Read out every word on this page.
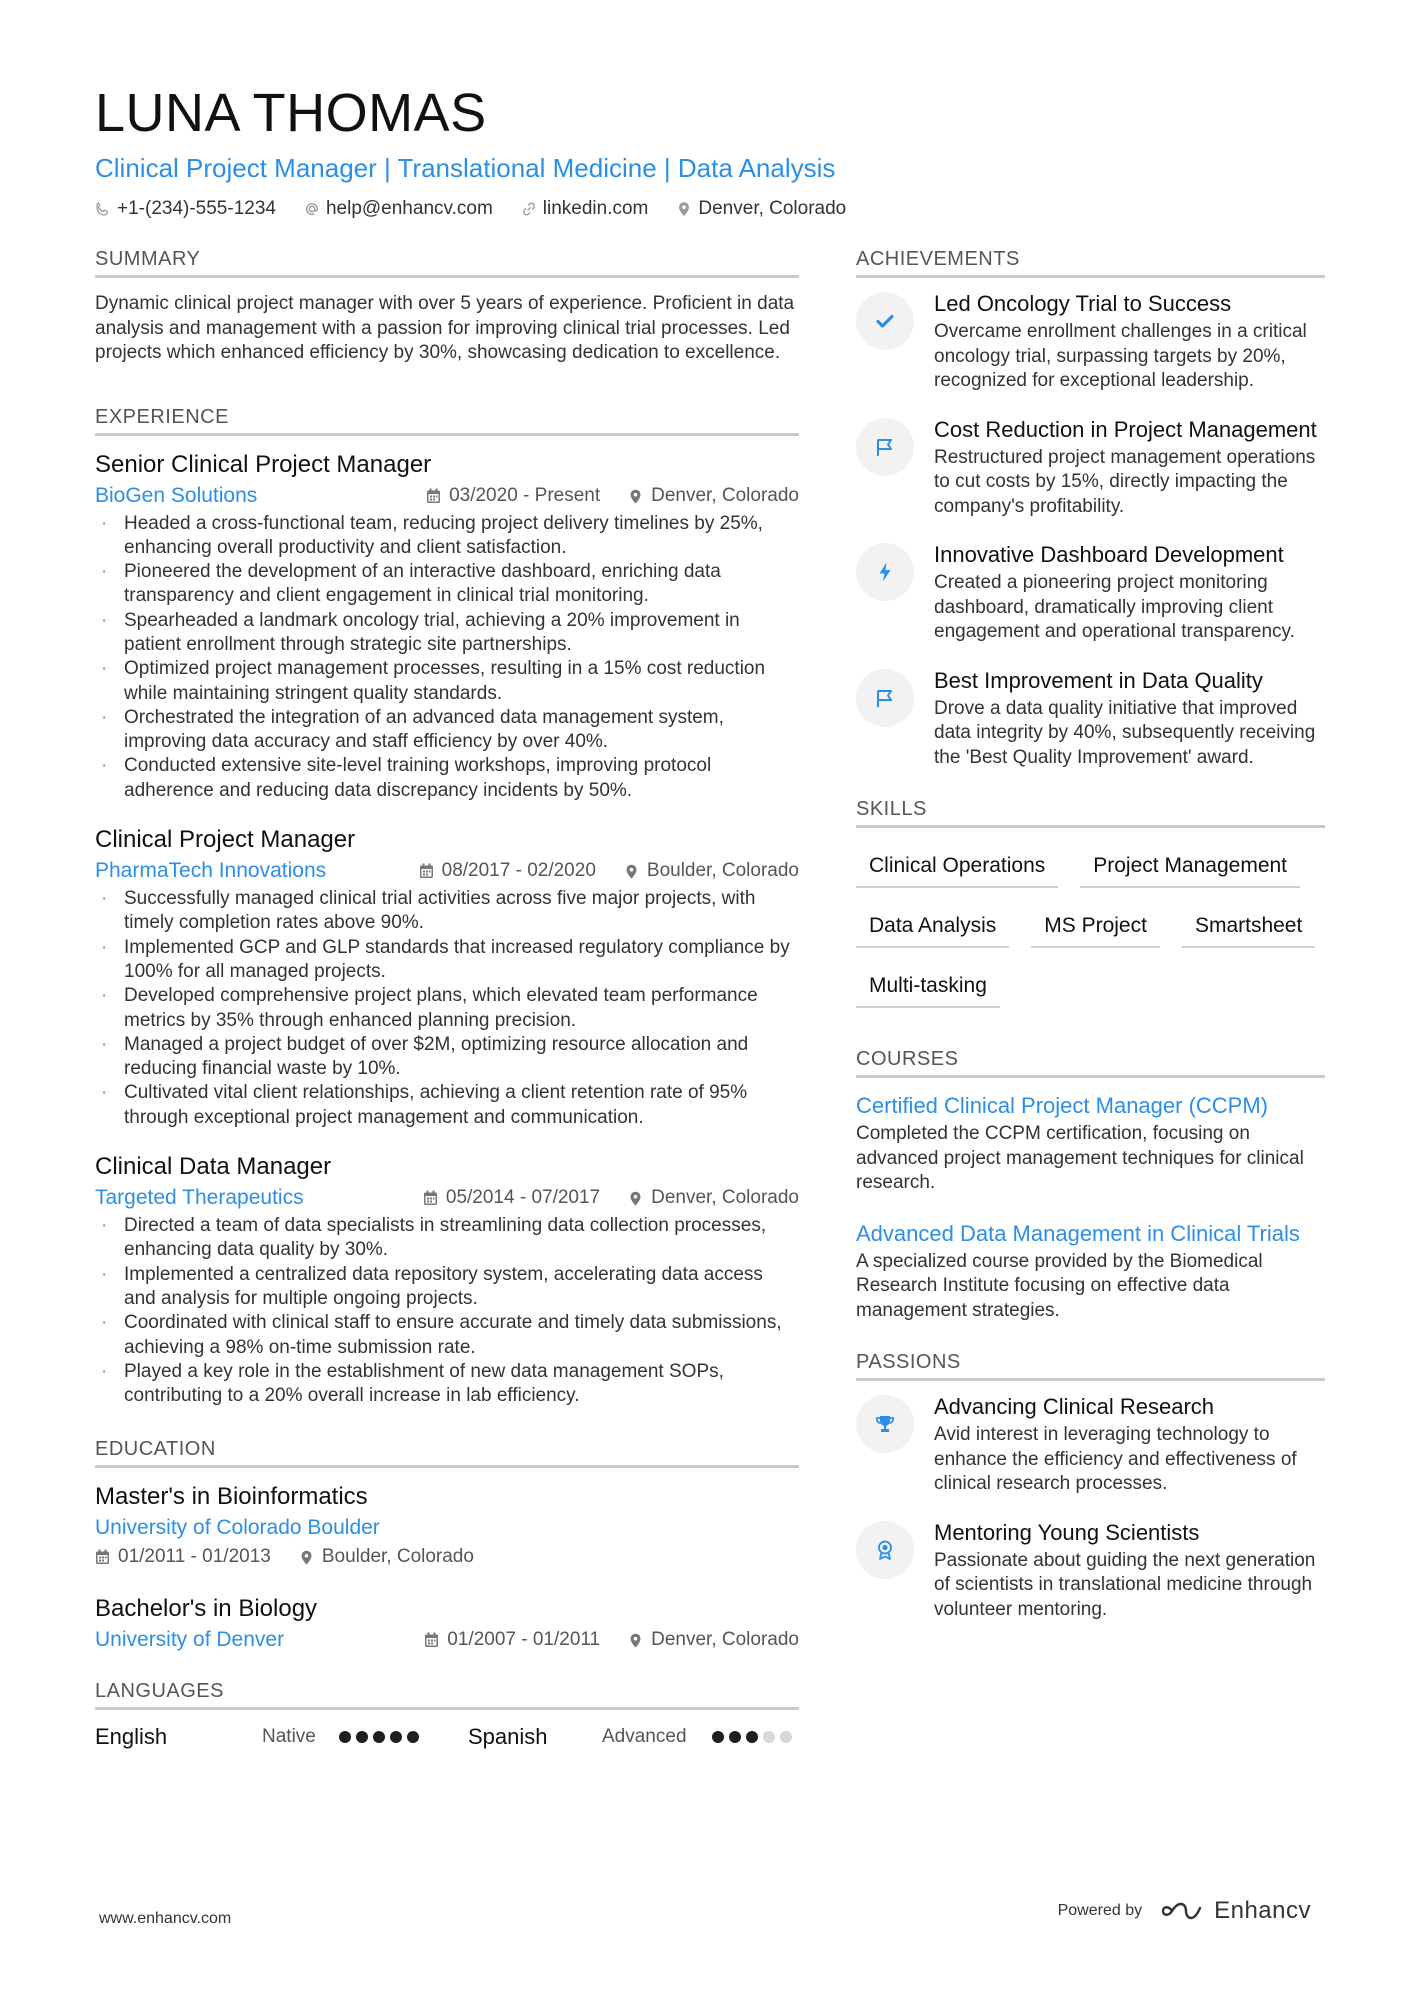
LUNA THOMAS
Clinical Project Manager | Translational Medicine | Data Analysis
+1-(234)-555-1234	help@enhancv.com	linkedin.com	Denver, Colorado
SUMMARY
Dynamic clinical project manager with over 5 years of experience. Proficient in data analysis and management with a passion for improving clinical trial processes. Led projects which enhanced efficiency by 30%, showcasing dedication to excellence.
EXPERIENCE
Senior Clinical Project Manager
BioGen Solutions	03/2020 - Present	Denver, Colorado
· Headed a cross-functional team, reducing project delivery timelines by 25%, enhancing overall productivity and client satisfaction.
· Pioneered the development of an interactive dashboard, enriching data transparency and client engagement in clinical trial monitoring.
· Spearheaded a landmark oncology trial, achieving a 20% improvement in patient enrollment through strategic site partnerships.
· Optimized project management processes, resulting in a 15% cost reduction while maintaining stringent quality standards.
· Orchestrated the integration of an advanced data management system, improving data accuracy and staff efficiency by over 40%.
· Conducted extensive site-level training workshops, improving protocol adherence and reducing data discrepancy incidents by 50%.
Clinical Project Manager
PharmaTech Innovations	08/2017 - 02/2020	Boulder, Colorado
· Successfully managed clinical trial activities across five major projects, with timely completion rates above 90%.
· Implemented GCP and GLP standards that increased regulatory compliance by 100% for all managed projects.
· Developed comprehensive project plans, which elevated team performance metrics by 35% through enhanced planning precision.
· Managed a project budget of over $2M, optimizing resource allocation and reducing financial waste by 10%.
· Cultivated vital client relationships, achieving a client retention rate of 95% through exceptional project management and communication.
Clinical Data Manager
Targeted Therapeutics	05/2014 - 07/2017	Denver, Colorado
· Directed a team of data specialists in streamlining data collection processes, enhancing data quality by 30%.
· Implemented a centralized data repository system, accelerating data access and analysis for multiple ongoing projects.
· Coordinated with clinical staff to ensure accurate and timely data submissions, achieving a 98% on-time submission rate.
· Played a key role in the establishment of new data management SOPs, contributing to a 20% overall increase in lab efficiency.
EDUCATION
Master's in Bioinformatics
University of Colorado Boulder
01/2011 - 01/2013	Boulder, Colorado
Bachelor's in Biology
University of Denver	01/2007 - 01/2011	Denver, Colorado
LANGUAGES
English	Native	Spanish	Advanced
ACHIEVEMENTS
Led Oncology Trial to Success
Overcame enrollment challenges in a critical oncology trial, surpassing targets by 20%, recognized for exceptional leadership.
Cost Reduction in Project Management
Restructured project management operations to cut costs by 15%, directly impacting the company's profitability.
Innovative Dashboard Development
Created a pioneering project monitoring dashboard, dramatically improving client engagement and operational transparency.
Best Improvement in Data Quality
Drove a data quality initiative that improved data integrity by 40%, subsequently receiving the 'Best Quality Improvement' award.
SKILLS
Clinical Operations	Project Management
Data Analysis	MS Project	Smartsheet
Multi-tasking
COURSES
Certified Clinical Project Manager (CCPM)
Completed the CCPM certification, focusing on advanced project management techniques for clinical research.
Advanced Data Management in Clinical Trials
A specialized course provided by the Biomedical Research Institute focusing on effective data management strategies.
PASSIONS
Advancing Clinical Research
Avid interest in leveraging technology to enhance the efficiency and effectiveness of clinical research processes.
Mentoring Young Scientists
Passionate about guiding the next generation of scientists in translational medicine through volunteer mentoring.
www.enhancv.com	Powered by	Enhancv
